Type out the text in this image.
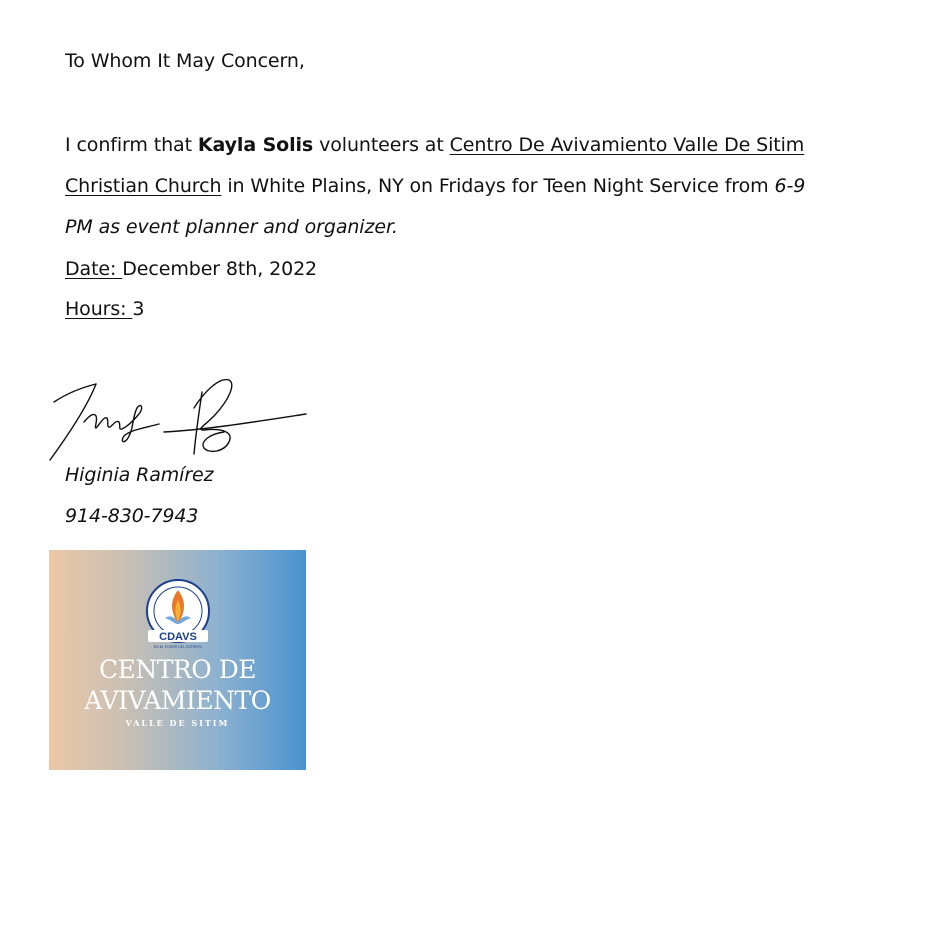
To Whom It May Concern,
I confirm that Kayla Solis volunteers at Centro De Avivamiento Valle De Sitim
Christian Church in White Plains, NY on Fridays for Teen Night Service from 6-9
PM as event planner and organizer.
Date: December 8th, 2022
Hours: 3
Higinia Ramírez
914-830-7943
CDAVS
EN EL PODER DEL ESPIRITU
CENTRO DE
AVIVAMIENTO
VALLE DE SITIM
